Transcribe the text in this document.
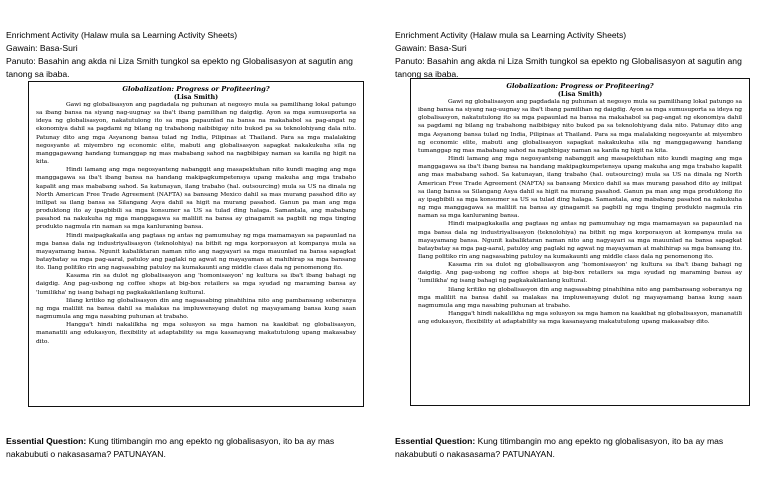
Enrichment Activity (Halaw mula sa Learning Activity Sheets)
Gawain: Basa-Suri
Panuto: Basahin ang akda ni Liza Smith tungkol sa epekto ng Globalisasyon at sagutin ang tanong sa ibaba.
Globalization: Progress or Profiteering?
(Lisa Smith)

Gawi ng globalisasyon ang pagdadala ng puhunan at negosyo mula sa pamilihang lokal patungo sa ibang bansa na siyang nag-uugnay sa iba't ibang pamilihan ng daigdig. Ayon sa mga sumusuporta sa ideya ng globalisasyon, nakatutulong ito sa mga papaunlad na bansa na makahabol sa pag-angat ng ekonomiya dahil sa pagdami ng bilang ng trabahong naibibigay nito bukod pa sa teknolohiyang dala nito. Patunay dito ang mga Asyanong bansa tulad ng India, Pilipinas at Thailand. Para sa mga malalaking negosyante at miyembro ng economic elite, mabuti ang globalisasyon sapagkat nakakukuha sila ng manggagawang handang tumanggap ng mas mababang sahod na nagbibigay naman sa kanila ng higit na kita.

Hindi lamang ang mga negosyanteng nabanggit ang masapektuhan nito kundi maging ang mga manggagawa sa iba't ibang bansa na handang makipagkumpetensya upang makuha ang mga trabaho kapalit ang mas mababang sahod. Sa katunayan, ilang trabaho (hal. outsourcing) mula sa US na dinala ng North American Free Trade Agreement (NAFTA) sa bansang Mexico dahil sa mas murang pasahod dito ay inilipat sa ilang bansa sa Silangang Asya dahil sa higit na murang pasahod. Ganun pa man ang mga produktong ito ay ipagbibili sa mga konsumer sa US sa tulad ding halaga. Samantala, ang mababang pasahod na nakukuha ng mga manggagawa sa maliliit na bansa ay ginagamit sa pagbili ng mga tinging produkto nagmula rin naman sa mga kanluraning bansa.

Hindi maipagkakaila ang pagtaas ng antas ng pamumuhay ng mga mamamayan sa papaunlad na mga bansa dala ng industriyalisasyon (teknolohiya) na bitbit ng mga korporasyon at kompanya mula sa mayayamang bansa. Ngunit kabaliktaran naman nito ang nagyayari sa mga mauunlad na bansa sapagkat bataybatay sa mga pag-aaral, patuloy ang paglaki ng agwat ng mayayaman at mahihirap sa mga bansang ito. Ilang politiko rin ang nagsasabing patuloy na kumakaunti ang middle class dala ng penomenong ito.

Kasama rin sa dulot ng globalisasyon ang 'homonisasyon' ng kultura sa iba't ibang bahagi ng daigdig. Ang pag-usbong ng coffee shops at big-box retailers sa mga syudad ng maraming bansa ay 'lumilikha' ng isang bahagi ng pagkakakilanlang kultural.

Iilang kritiko ng globalisasyon din ang nagsasabing pinahihina nito ang pambansang soberanya ng mga maliliit na bansa dahil sa malakas na impluwensyang dulot ng mayayamang bansa kung saan nagmumula ang mga nasabing puhunan at trabaho.

Hangga't hindi nakalilkha ng mga solusyon sa mga hamon na kaakibat ng globalisasyon, mananatili ang edukasyon, flexibility at adaptability sa mga kasanayang makatutulong upang makasabay dito.

Essential Question: Kung titimbangin mo ang epekto ng globalisasyon, ito ba ay mas nakabubuti o nakasasama? PATUNAYAN.
Enrichment Activity (Halaw mula sa Learning Activity Sheets)
Gawain: Basa-Suri
Panuto: Basahin ang akda ni Liza Smith tungkol sa epekto ng Globalisasyon at sagutin ang tanong sa ibaba.
Globalization: Progress or Profiteering?
(Lisa Smith)

Gawi ng globalisasyon ang pagdadala ng puhunan at negosyo mula sa pamilihang lokal patungo sa ibang bansa na siyang nag-uugnay sa iba't ibang pamilihan ng daigdig. Ayon sa mga sumusuporta sa ideya ng globalisasyon, nakatutulong ito sa mga papaunlad na bansa na makahabol sa pag-angat ng ekonomiya dahil sa pagdami ng bilang ng trabahong naibibigay nito bukod pa sa teknolohiyang dala nito. Patunay dito ang mga Asyanong bansa tulad ng India, Pilipinas at Thailand. Para sa mga malalaking negosyante at miyembro ng economic elite, mabuti ang globalisasyon sapagkat nakakukuha sila ng manggagawang handang tumanggap ng mas mababang sahod na nagbibigay naman sa kanila ng higit na kita.

Hindi lamang ang mga negosyanteng nabanggit ang masapektuhan nito kundi maging ang mga manggagawa sa iba't ibang bansa na handang makipagkumpetensya upang makuha ang mga trabaho kapalit ang mas mababang sahod. Sa katunayan, ilang trabaho (hal. outsourcing) mula sa US na dinala ng North American Free Trade Agreement (NAFTA) sa bansang Mexico dahil sa mas murang pasahod dito ay inilipat sa ilang bansa sa Silangang Asya dahil sa higit na murang pasahod. Ganun pa man ang mga produktong ito ay ipagbibili sa mga konsumer sa US sa tulad ding halaga. Samantala, ang mababang pasahod na nakukuha ng mga manggagawa sa maliliit na bansa ay ginagamit sa pagbili ng mga tinging produkto nagmula rin naman sa mga kanluraning bansa.

Hindi maipagkakaila ang pagtaas ng antas ng pamumuhay ng mga mamamayan sa papaunlad na mga bansa dala ng industriyalisasyon (teknolohiya) na bitbit ng mga korporasyon at kompanya mula sa mayayamang bansa. Ngunit kabaliktaran naman nito ang nagyayari sa mga mauunlad na bansa sapagkat bataybatay sa mga pag-aaral, patuloy ang paglaki ng agwat ng mayayaman at mahihirap sa mga bansang ito. Ilang politiko rin ang nagsasabing patuloy na kumakaunti ang middle class dala ng penomenong ito.

Kasama rin sa dulot ng globalisasyon ang 'homonisasyon' ng kultura sa iba't ibang bahagi ng daigdig. Ang pag-usbong ng coffee shops at big-box retailers sa mga syudad ng maraming bansa ay 'lumilikha' ng isang bahagi ng pagkakakilanlang kultural.

Iilang kritiko ng globalisasyon din ang nagsasabing pinahihina nito ang pambansang soberanya ng mga maliliit na bansa dahil sa malakas na impluwensyang dulot ng mayayamang bansa kung saan nagmumula ang mga nasabing puhunan at trabaho.

Hangga't hindi nakalilkha ng mga solusyon sa mga hamon na kaakibat ng globalisasyon, mananatili ang edukasyon, flexibility at adaptability sa mga kasanayang makatutulong upang makasabay dito.

Essential Question: Kung titimbangin mo ang epekto ng globalisasyon, ito ba ay mas nakabubuti o nakasasama? PATUNAYAN.
